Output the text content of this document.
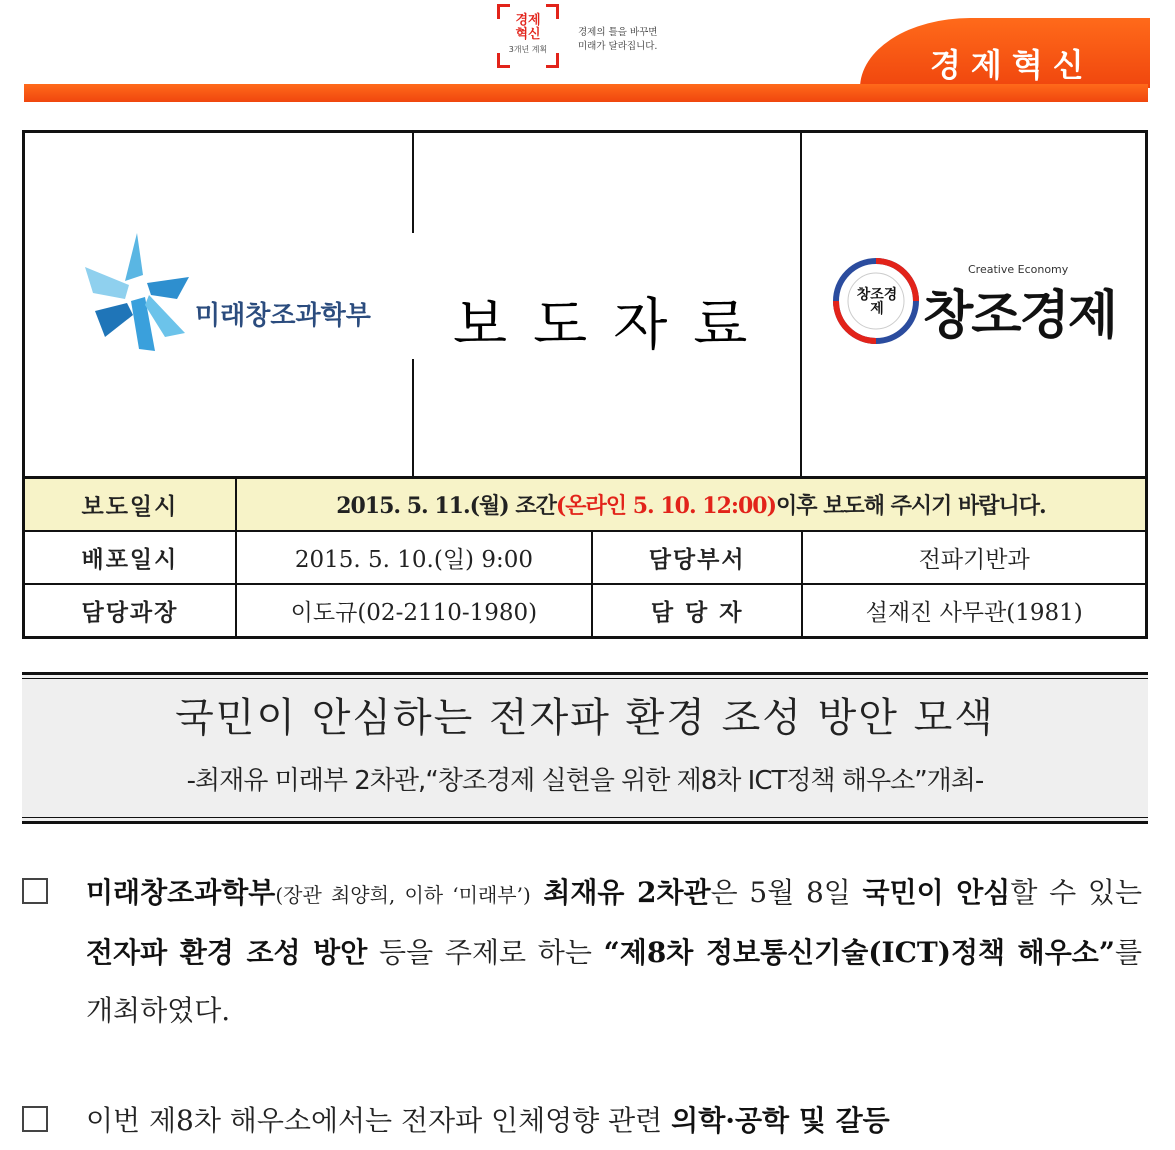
경제
혁신
3개년 계획
경제의 틀을 바꾸면
미래가 달라집니다.	경제혁신
미래창조과학부 보도자료	창조경제
Creative Economy
창조경제
보도일시	2015. 5. 11.(월) 조간(온라인 5. 10. 12:00)이후 보도해 주시기 바랍니다.		
배포일시	2015. 5. 10.(일) 9:00	담당부서	전파기반과
담당과장	이도규(02-2110-1980)	담 당 자	설재진 사무관(1981)
국민이 안심하는 전자파 환경 조성 방안 모색
-최재유 미래부 2차관,“창조경제 실현을 위한 제8차 ICT정책 해우소”개최-
미래창조과학부(장관 최양희, 이하 ‘미래부’) 최재유 2차관은 5월 8일 국민이 안심할 수 있는 전자파 환경 조성 방안 등을 주제로 하는 “제8차 정보통신기술(ICT)정책 해우소”를 개최하였다.
이번 제8차 해우소에서는 전자파 인체영향 관련 의학·공학 및 갈등
